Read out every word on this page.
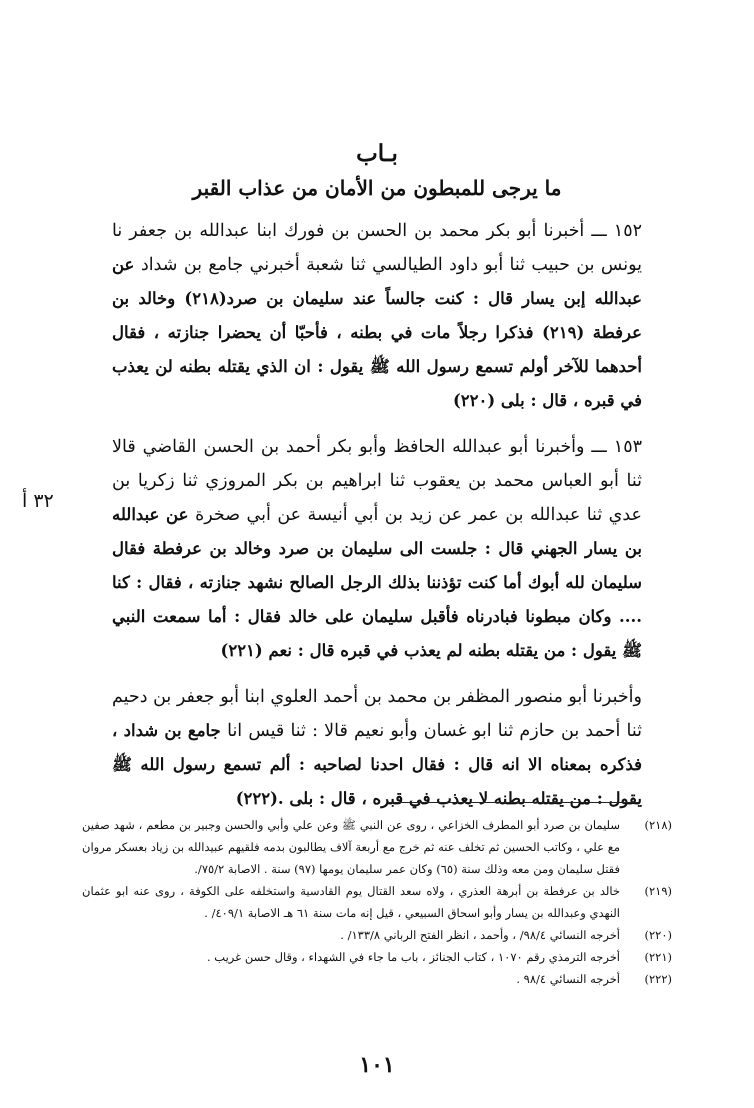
بـاب
ما يرجى للمبطون من الأمان من عذاب القبر

١٥٢ ـــ أخبرنا أبو بكر محمد بن الحسن بن فورك ابنا عبدالله بن جعفر نا يونس بن حبيب ثنا أبو داود الطيالسي ثنا شعبة أخبرني جامع بن شداد عن عبدالله إبن يسار قال : كنت جالساً عند سليمان بن صرد(٢١٨) وخالد بن عرفطة (٢١٩) فذكرا رجلاً مات في بطنه ، فأحبّا أن يحضرا جنازته ، فقال أحدهما للآخر أولم تسمع رسول الله ﷺ يقول : ان الذي يقتله بطنه لن يعذب في قبره ، قال : بلى (٢٢٠)

١٥٣ ـــ وأخبرنا أبو عبدالله الحافظ وأبو بكر أحمد بن الحسن القاضي قالا ثنا أبو العباس محمد بن يعقوب ثنا ابراهيم بن بكر المروزي ثنا زكريا بن عدي ثنا عبدالله بن عمر عن زيد بن أبي أنيسة عن أبي صخرة عن عبدالله بن يسار الجهني قال : جلست الى سليمان بن صرد وخالد بن عرفطة فقال سليمان لله أبوك أما كنت تؤذننا بذلك الرجل الصالح نشهد جنازته ، فقال : كنا .... وكان مبطونا فبادرناه فأقبل سليمان على خالد فقال : أما سمعت النبي ﷺ يقول : من يقتله بطنه لم يعذب في قبره قال : نعم (٢٢١)

وأخبرنا أبو منصور المظفر بن محمد بن أحمد العلوي ابنا أبو جعفر بن دحيم ثنا أحمد بن حازم ثنا ابو غسان وأبو نعيم قالا : ثنا قيس انا جامع بن شداد ، فذكره بمعناه الا انه قال : فقال احدنا لصاحبه : ألم تسمع رسول الله ﷺ يقول : من يقتله بطنه لا يعذب في قبره ، قال : بلى .(٢٢٢)

٣٢ أ

(٢١٨)
سليمان بن صرد أبو المطرف الخزاعي ، روى عن النبي ﷺ وعن علي وأبي والحسن وجبير بن مطعم ، شهد صفين مع علي ، وكاتب الحسين ثم تخلف عنه ثم خرج مع أربعة آلاف يطالبون بدمه فلقيهم عبيدالله بن زياد بعسكر مروان فقتل سليمان ومن معه وذلك سنة (٦٥) وكان عمر سليمان يومها (٩٧) سنة . الاصابة ٧٥/٢/.

(٢١٩)
خالد بن عرفطة بن أبرهة العذري ، ولاه سعد القتال يوم القادسية واستخلفه على الكوفة ، روى عنه ابو عثمان النهدي وعبدالله بن يسار وأبو اسحاق السبيعي ، قيل إنه مات سنة ٦١ هـ الاصابة ٤٠٩/١/ .

(٢٢٠)
أخرجه النسائي ٩٨/٤/ ، وأحمد ، انظر الفتح الرباني ١٣٣/٨/ .

(٢٢١)
أخرجه الترمذي رقم ١٠٧٠ ، كتاب الجنائز ، باب ما جاء في الشهداء ، وقال حسن غريب .

(٢٢٢)
أخرجه النسائي ٩٨/٤ .

١٠١
